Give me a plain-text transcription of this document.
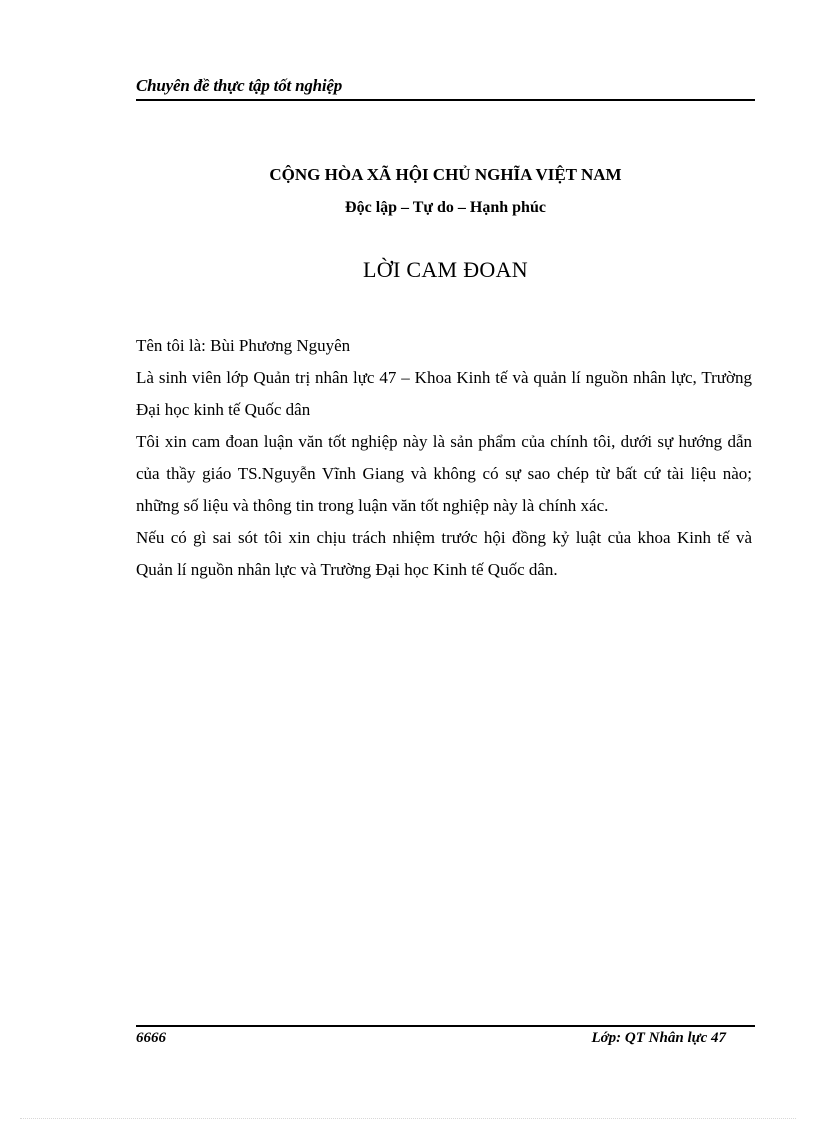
Chuyên đề thực tập tốt nghiệp
CỘNG HÒA XÃ HỘI CHỦ NGHĨA VIỆT NAM
Độc lập – Tự do – Hạnh phúc
LỜI CAM ĐOAN

Tên tôi là: Bùi Phương Nguyên

Là sinh viên lớp Quản trị nhân lực 47 – Khoa Kinh tế và quản lí nguồn nhân lực, Trường Đại học kinh tế Quốc dân

Tôi xin cam đoan luận văn tốt nghiệp này là sản phẩm của chính tôi, dưới sự hướng dẫn của thầy giáo TS.Nguyễn Vĩnh Giang và không có sự sao chép từ bất cứ tài liệu nào; những số liệu và thông tin trong luận văn tốt nghiệp này là chính xác.

Nếu có gì sai sót tôi xin chịu trách nhiệm trước hội đồng kỷ luật của khoa Kinh tế và Quản lí nguồn nhân lực và Trường Đại học Kinh tế Quốc dân.

6666	Lớp: QT Nhân lực 47
